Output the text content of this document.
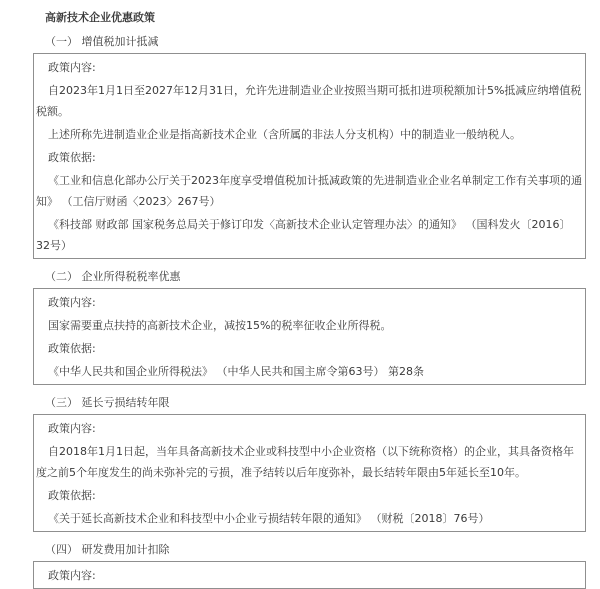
高新技术企业优惠政策
（一） 增值税加计抵减

政策内容:

自2023年1月1日至2027年12月31日，允许先进制造业企业按照当期可抵扣进项税额加计5%抵减应纳增值税税额。

上述所称先进制造业企业是指高新技术企业（含所属的非法人分支机构）中的制造业一般纳税人。

政策依据:

《工业和信息化部办公厅关于2023年度享受增值税加计抵减政策的先进制造业企业名单制定工作有关事项的通知》 （工信厅财函〈2023〉267号）

《科技部 财政部 国家税务总局关于修订印发〈高新技术企业认定管理办法〉的通知》 （国科发火〔2016〕32号）

（二） 企业所得税税率优惠

政策内容:

国家需要重点扶持的高新技术企业，减按15%的税率征收企业所得税。

政策依据:

《中华人民共和国企业所得税法》 （中华人民共和国主席令第63号） 第28条

（三） 延长亏损结转年限

政策内容:

自2018年1月1日起，当年具备高新技术企业或科技型中小企业资格（以下统称资格）的企业，其具备资格年度之前5个年度发生的尚未弥补完的亏损，准予结转以后年度弥补，最长结转年限由5年延长至10年。

政策依据:

《关于延长高新技术企业和科技型中小企业亏损结转年限的通知》 （财税〔2018〕76号）

（四） 研发费用加计扣除

政策内容:
